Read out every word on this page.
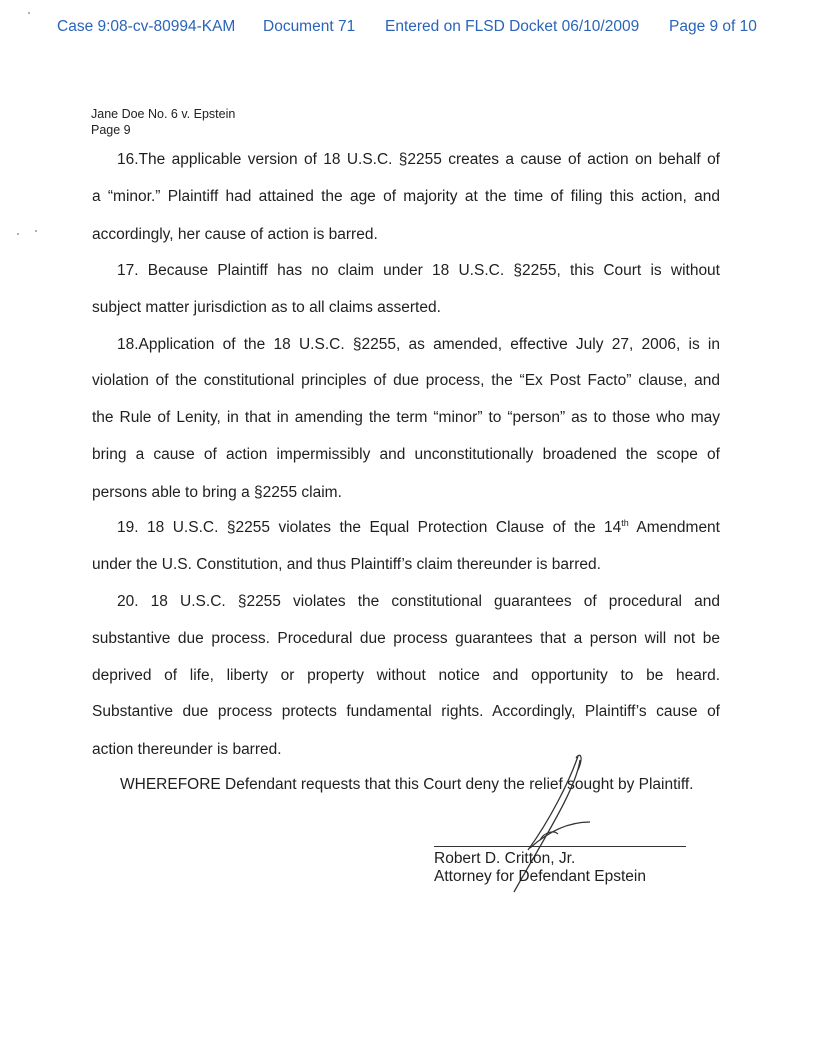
Case 9:08-cv-80994-KAM Document 71 Entered on FLSD Docket 06/10/2009 Page 9 of 10
Jane Doe No. 6 v. Epstein
Page 9
16.The applicable version of 18 U.S.C. §2255 creates a cause of action on behalf of
a “minor.” Plaintiff had attained the age of majority at the time of filing this action, and
accordingly, her cause of action is barred.
17. Because Plaintiff has no claim under 18 U.S.C. §2255, this Court is without
subject matter jurisdiction as to all claims asserted.
18.Application of the 18 U.S.C. §2255, as amended, effective July 27, 2006, is in
violation of the constitutional principles of due process, the “Ex Post Facto” clause, and
the Rule of Lenity, in that in amending the term “minor” to “person” as to those who may
bring a cause of action impermissibly and unconstitutionally broadened the scope of
persons able to bring a §2255 claim.
19. 18 U.S.C. §2255 violates the Equal Protection Clause of the 14th Amendment
under the U.S. Constitution, and thus Plaintiff’s claim thereunder is barred.
20. 18 U.S.C. §2255 violates the constitutional guarantees of procedural and
substantive due process. Procedural due process guarantees that a person will not be
deprived of life, liberty or property without notice and opportunity to be heard.
Substantive due process protects fundamental rights. Accordingly, Plaintiff’s cause of
action thereunder is barred.
WHEREFORE Defendant requests that this Court deny the relief sought by Plaintiff.
Robert D. Critton, Jr.
Attorney for Defendant Epstein
